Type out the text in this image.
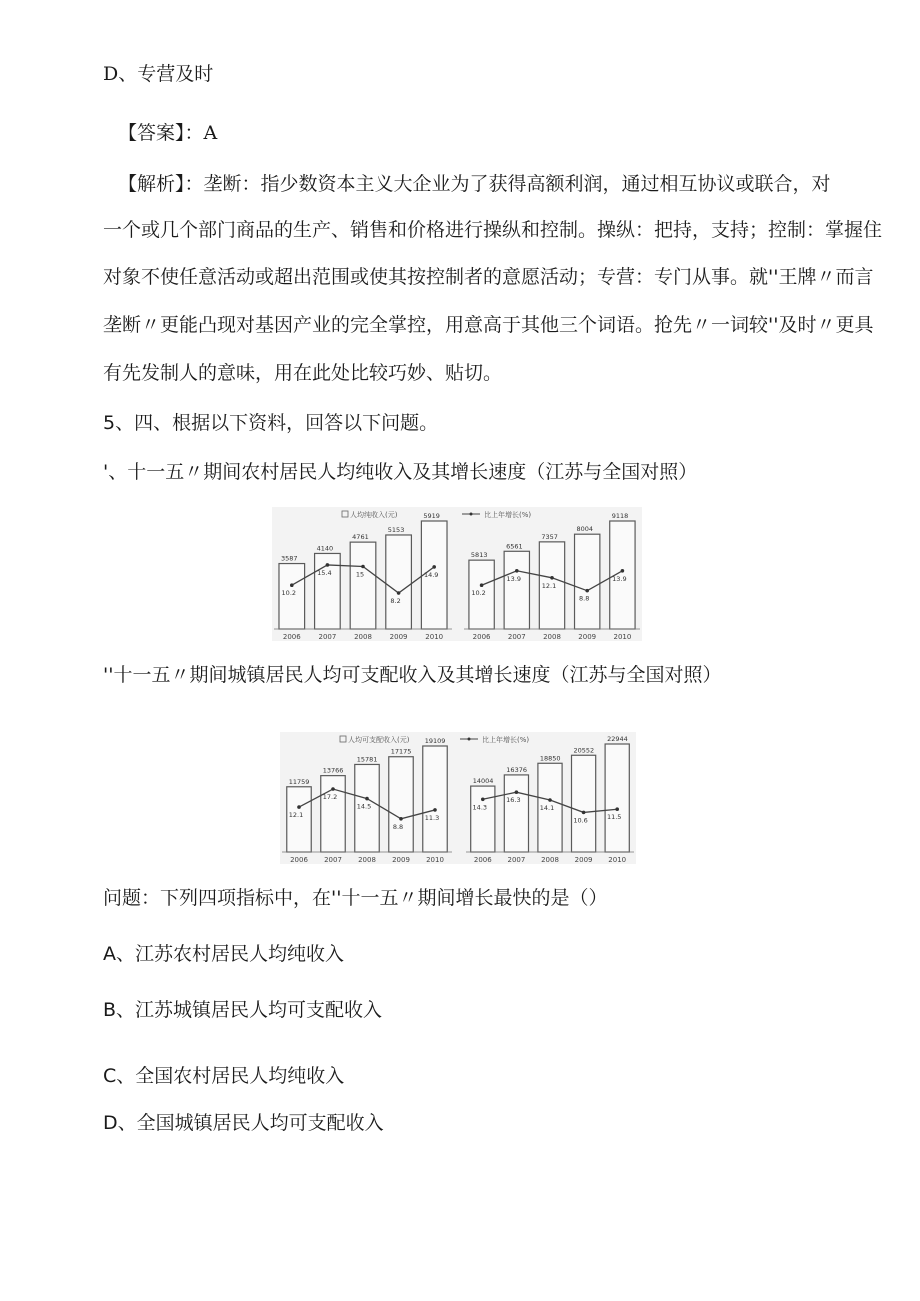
D、专营及时
【答案】：A
【解析】：垄断：指少数资本主义大企业为了获得高额利润，通过相互协议或联合，对
一个或几个部门商品的生产、销售和价格进行操纵和控制。操纵：把持，支持；控制：掌握住
对象不使任意活动或超出范围或使其按控制者的意愿活动；专营：专门从事。就''王牌〃而言
垄断〃更能凸现对基因产业的完全掌控，用意高于其他三个词语。抢先〃一词较''及时〃更具
有先发制人的意味，用在此处比较巧妙、贴切。
5、四、根据以下资料，回答以下问题。
'、十一五〃期间农村居民人均纯收入及其增长速度（江苏与全国对照）
人均纯收入(元)	比上年增长(%)
3587
2006
4140
2007
4761
2008
5153
2009
5919
2010
10.2
15.4	15
8.2
14.9
5813
2006
6561
2007
7357
2008
8004
2009
9118
2010
10.2
13.9
12.1
8.8
13.9
''十一五〃期间城镇居民人均可支配收入及其增长速度（江苏与全国对照）
人均可支配收入(元)	比上年增长(%)
11759
2006
13766
2007
15781
2008
17175
2009
19109
2010
12.1
17.2
14.5
8.8
11.3
14004
2006
16376
2007
18850
2008
20552
2009
22944
2010
14.3
16.3
14.1
10.6	11.5
问题：下列四项指标中，在''十一五〃期间增长最快的是（）
A、江苏农村居民人均纯收入
B、江苏城镇居民人均可支配收入
C、全国农村居民人均纯收入
D、全国城镇居民人均可支配收入
